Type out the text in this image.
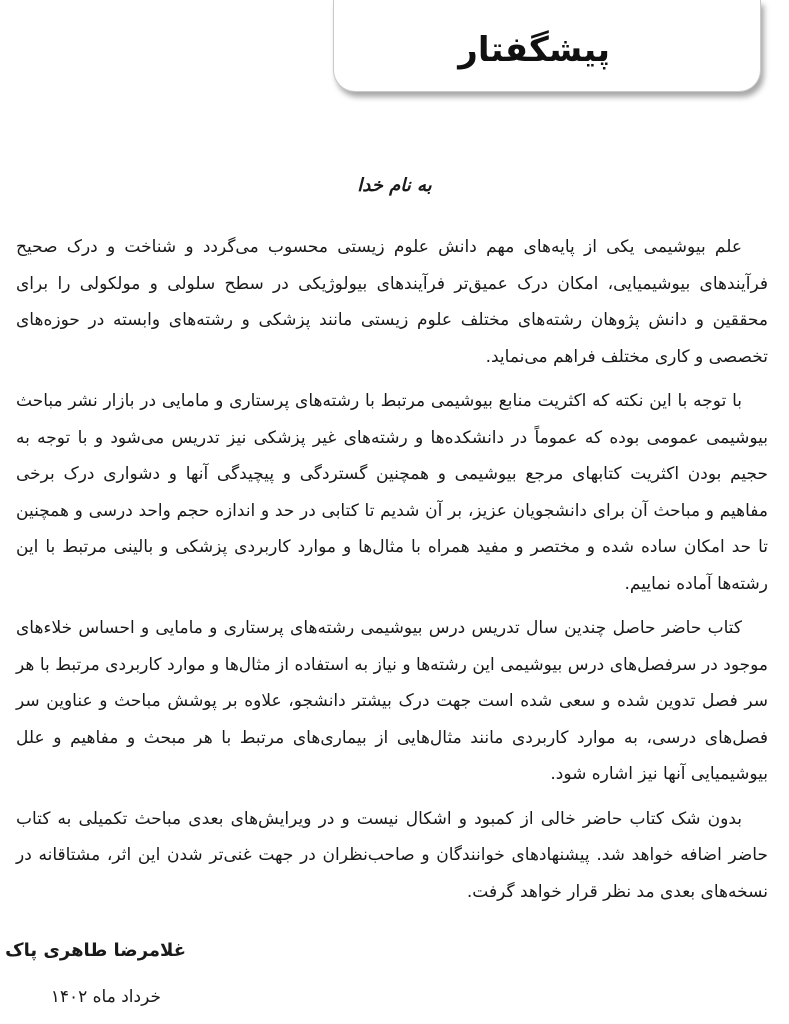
پیشگفتار

به نام خدا

علم بیوشیمی یکی از پایه‌های مهم دانش علوم زیستی محسوب می‌گردد و شناخت و درک صحیح فرآیندهای بیوشیمیایی، امکان درک عمیق‌تر فرآیندهای بیولوژیکی در سطح سلولی و مولکولی را برای محققین و دانش پژوهان رشته‌های مختلف علوم زیستی مانند پزشکی و رشته‌های وابسته در حوزه‌های تخصصی و کاری مختلف فراهم می‌نماید.

با توجه با این نکته که اکثریت منابع بیوشیمی مرتبط با رشته‌های پرستاری و مامایی در بازار نشر مباحث بیوشیمی عمومی بوده که عموماً در دانشکده‌ها و رشته‌های غیر پزشکی نیز تدریس می‌شود و با توجه به حجیم بودن اکثریت کتابهای مرجع بیوشیمی و همچنین گستردگی و پیچیدگی آنها و دشواری درک برخی مفاهیم و مباحث آن برای دانشجویان عزیز، بر آن شدیم تا کتابی در حد و اندازه حجم واحد درسی و همچنین تا حد امکان ساده شده و مختصر و مفید همراه با مثال‌ها و موارد کاربردی پزشکی و بالینی مرتبط با این رشته‌ها آماده نماییم.

کتاب حاضر حاصل چندین سال تدریس درس بیوشیمی رشته‌های پرستاری و مامایی و احساس خلاءهای موجود در سرفصل‌های درس بیوشیمی این رشته‌ها و نیاز به استفاده از مثال‌ها و موارد کاربردی مرتبط با هر سر فصل تدوین شده و سعی شده است جهت درک بیشتر دانشجو، علاوه بر پوشش مباحث و عناوین سر فصل‌های درسی، به موارد کاربردی مانند مثال‌هایی از بیماری‌های مرتبط با هر مبحث و مفاهیم و علل بیوشیمیایی آنها نیز اشاره شود.

بدون شک کتاب حاضر خالی از کمبود و اشکال نیست و در ویرایش‌های بعدی مباحث تکمیلی به کتاب حاضر اضافه خواهد شد. پیشنهادهای خوانندگان و صاحب‌نظران در جهت غنی‌تر شدن این اثر، مشتاقانه در نسخه‌های بعدی مد نظر قرار خواهد گرفت.

غلامرضا طاهری پاک

خرداد ماه ۱۴۰۲
